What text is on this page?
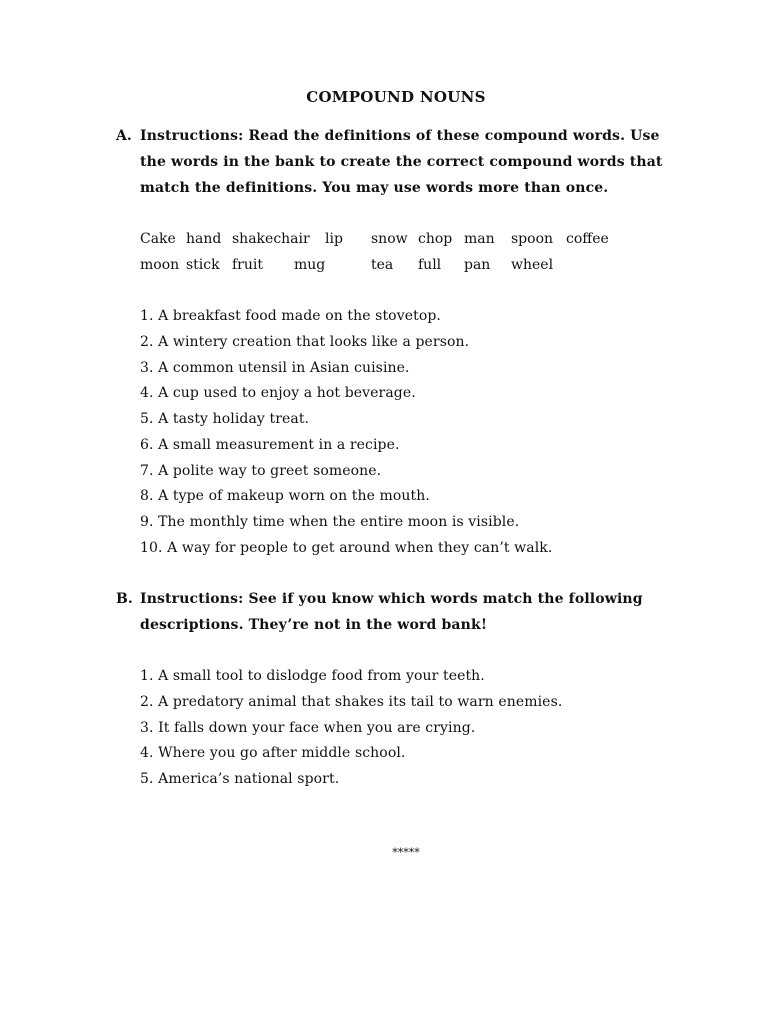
COMPOUND NOUNS
A. Instructions: Read the definitions of these compound words. Use
the words in the bank to create the correct compound words that
match the definitions. You may use words more than once.
Cake hand shakechair lip snow chop man spoon coffee
moon stick fruit mug	tea full pan wheel
1. A breakfast food made on the stovetop.
2. A wintery creation that looks like a person.
3. A common utensil in Asian cuisine.
4. A cup used to enjoy a hot beverage.
5. A tasty holiday treat.
6. A small measurement in a recipe.
7. A polite way to greet someone.
8. A type of makeup worn on the mouth.
9. The monthly time when the entire moon is visible.
10. A way for people to get around when they can’t walk.
B. Instructions: See if you know which words match the following
descriptions. They’re not in the word bank!
1. A small tool to dislodge food from your teeth.
2. A predatory animal that shakes its tail to warn enemies.
3. It falls down your face when you are crying.
4. Where you go after middle school.
5. America’s national sport.
*****
